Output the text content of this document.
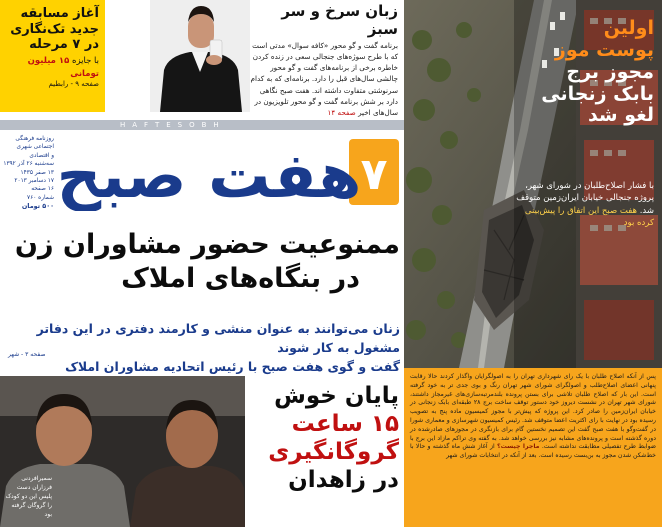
اولین
پوست موز
مجوز برج
بابک زنجانی
لغو شد
با فشار اصلاح‌طلبان در شورای شهر، پروژه جنجالی خیابان ایران‌زمین متوقف شد. هفت صبح این اتفاق را پیش‌بینی کرده بود

پس از آنکه اصلاح طلبان با یک رای شهرداری تهران را به اصولگرایان واگذار کردند حالا رقابت پنهانی اعضای اصلاح‌طلب و اصولگرای شورای شهر تهران رنگ و بوی جدی تر به خود گرفته است. این بار که اصلاح طلبان تلاشی برای بستن پرونده بلندمرتبه‌سازی‌های غیرمجاز داشتند، شورای شهر تهران در نشست دیروز خود دستور توقف ساخت برج ۲۸ طبقه‌ای بابک زنجانی در خیابان ایران‌زمین را صادر کرد. این پروژه که پیش‌تر با مجوز کمیسیون ماده پنج به تصویب رسیده بود در نهایت با رای اکثریت اعضا متوقف شد. رئیس کمیسیون شهرسازی و معماری شورا در گفت‌وگو با هفت صبح گفت این تصمیم نخستین گام برای بازنگری در مجوزهای صادرشده در دوره گذشته است و پرونده‌های مشابه نیز بررسی خواهد شد. به گفته وی تراکم مازاد این برج با ضوابط طرح تفصیلی مطابقت نداشته است. ماجرا چیست؟ از آغاز شش ماه گذشته و حالا با خط‌شکن شدن مجوز به بن‌بست رسیده است. بعد از آنکه در انتخابات شورای شهر

آغاز مسابقه
جدید تک‌نگاری
در ۷ مرحله
با جایزه ۱۵ میلیون تومانی
صفحه ۹ - رابطیم
زبان سرخ و سر سبز

برنامه گفت و گو محور «کافه سوال» مدتی است که با طرح سوژه‌های جنجالی سعی در زنده کردن خاطره برخی از برنامه‌های گفت و گو محور چالشی سال‌های قبل را دارد. برنامه‌ای که به کدام سرنوشتی متفاوت داشته اند. هفت صبح نگاهی دارد بر شش برنامه گفت و گو محور تلویزیون در سال‌های اخیر صفحه ۱۴

HAFTESOBH
۷
هفت صبح
روزنامه فرهنگی
اجتماعی شهری
و اقتصادی
سه‌شنبه ۲۶ آذر ۱۳۹۲
۱۳ صفر ۱۴۳۵
۱۷ دسامبر ۲۰۱۳
۱۶ صفحه
شماره ۷۶۰
۵۰۰ تومان
ممنوعیت حضور مشاوران زن
در بنگاه‌های املاک
زنان می‌توانند به عنوان منشی و کارمند دفتری در این دفاتر مشغول به کار شوند
گفت و گوی هفت صبح با رئیس اتحادیه مشاوران املاک
صفحه ۳ - شهر
سمیرافردنی فرزاران دست پلیس این دو کودک را گروگان گرفته بود
پایان خوش
۱۵ ساعت
گروگانگیری
در زاهدان
